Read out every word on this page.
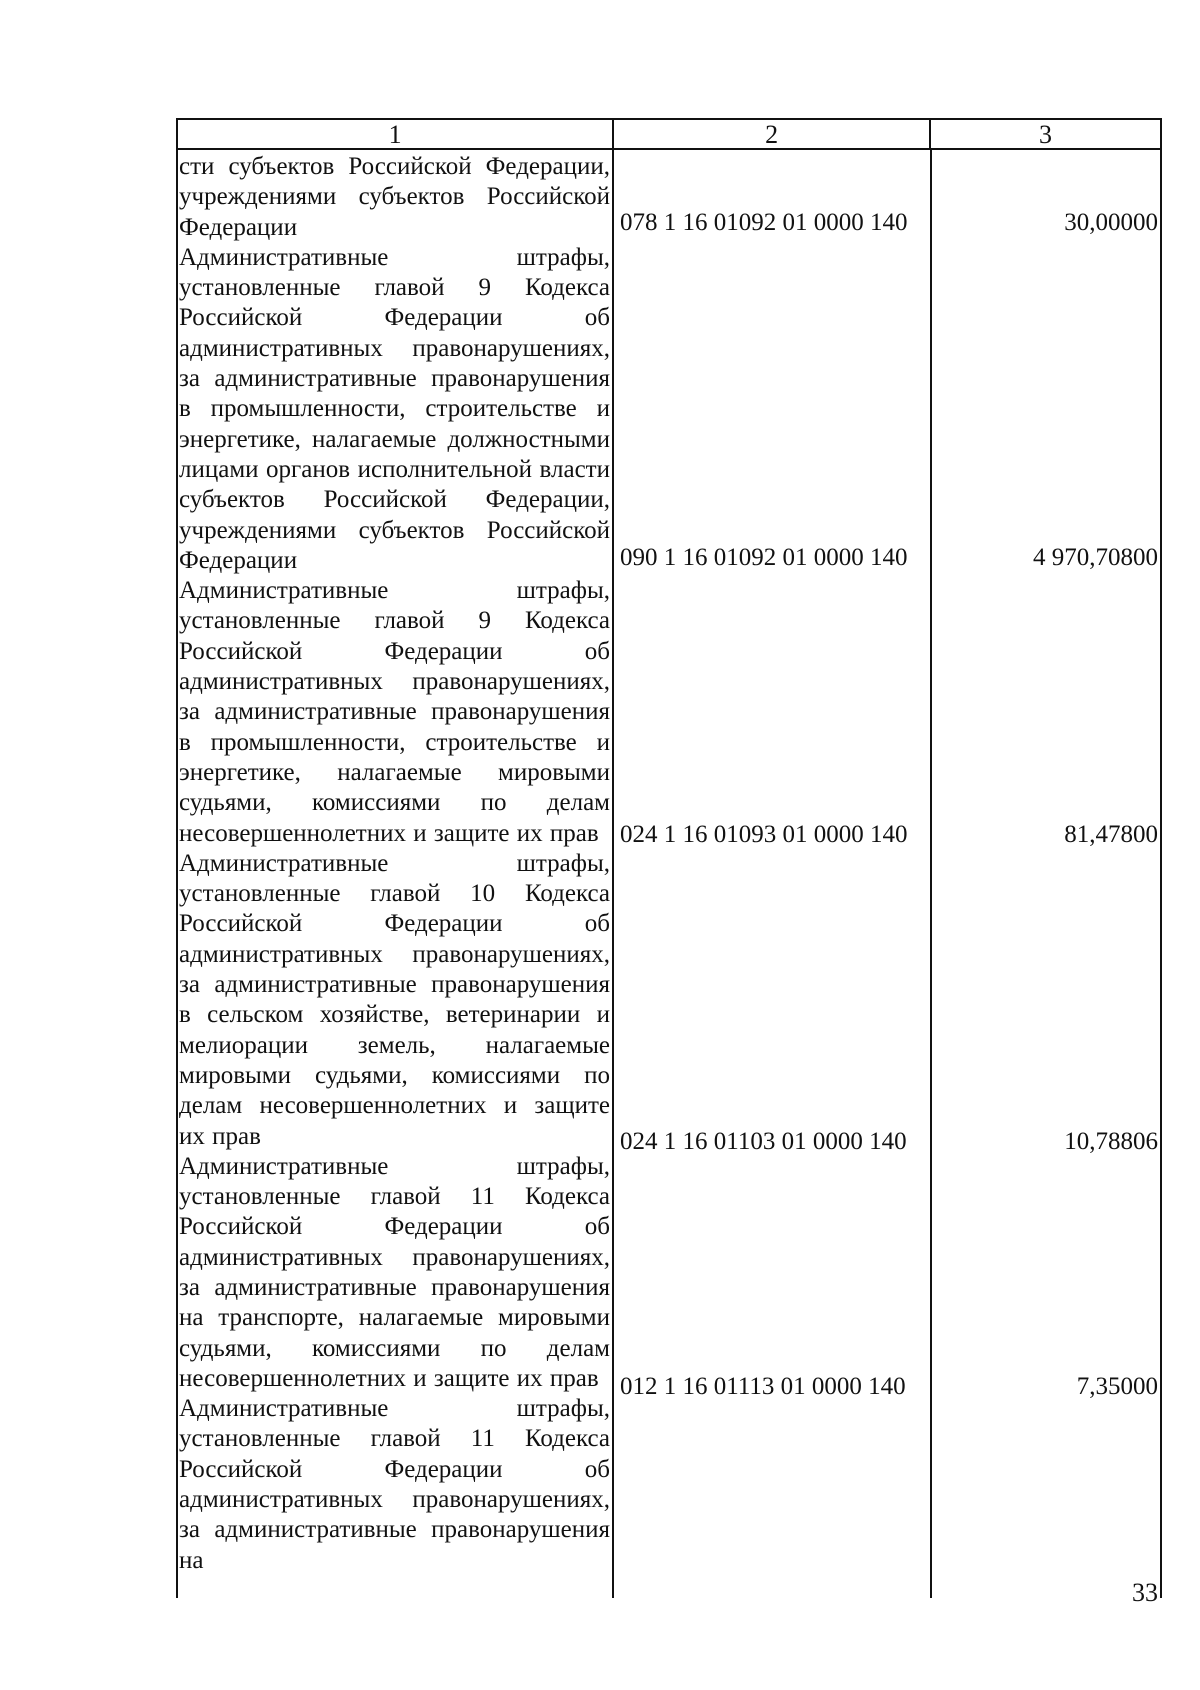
1	2	3

сти субъектов Российской Федерации, учреждениями субъектов Российской Федерации

Административные штрафы, установленные главой 9 Кодекса Российской Федерации об административных правонарушениях, за административные правонарушения в промышленности, строительстве и энергетике, налагаемые должностными лицами органов исполнительной власти субъектов Российской Федерации, учреждениями субъектов Российской Федерации

Административные штрафы, установленные главой 9 Кодекса Российской Федерации об административных правонарушениях, за административные правонарушения в промышленности, строительстве и энергетике, налагаемые мировыми судьями, комиссиями по делам несовершеннолетних и защите их прав

Административные штрафы, установленные главой 10 Кодекса Российской Федерации об административных правонарушениях, за административные правонарушения в сельском хозяйстве, ветеринарии и мелиорации земель, налагаемые мировыми судьями, комиссиями по делам несовершеннолетних и защите их прав

Административные штрафы, установленные главой 11 Кодекса Российской Федерации об административных правонарушениях, за административные правонарушения на транспорте, налагаемые мировыми судьями, комиссиями по делам несовершеннолетних и защите их прав

Административные штрафы, установленные главой 11 Кодекса Российской Федерации об административных правонарушениях, за административные правонарушения на

078 1 16 01092 01 0000 140
090 1 16 01092 01 0000 140
024 1 16 01093 01 0000 140
024 1 16 01103 01 0000 140
012 1 16 01113 01 0000 140
30,00000
4 970,70800
81,47800
10,78806
7,35000
33
